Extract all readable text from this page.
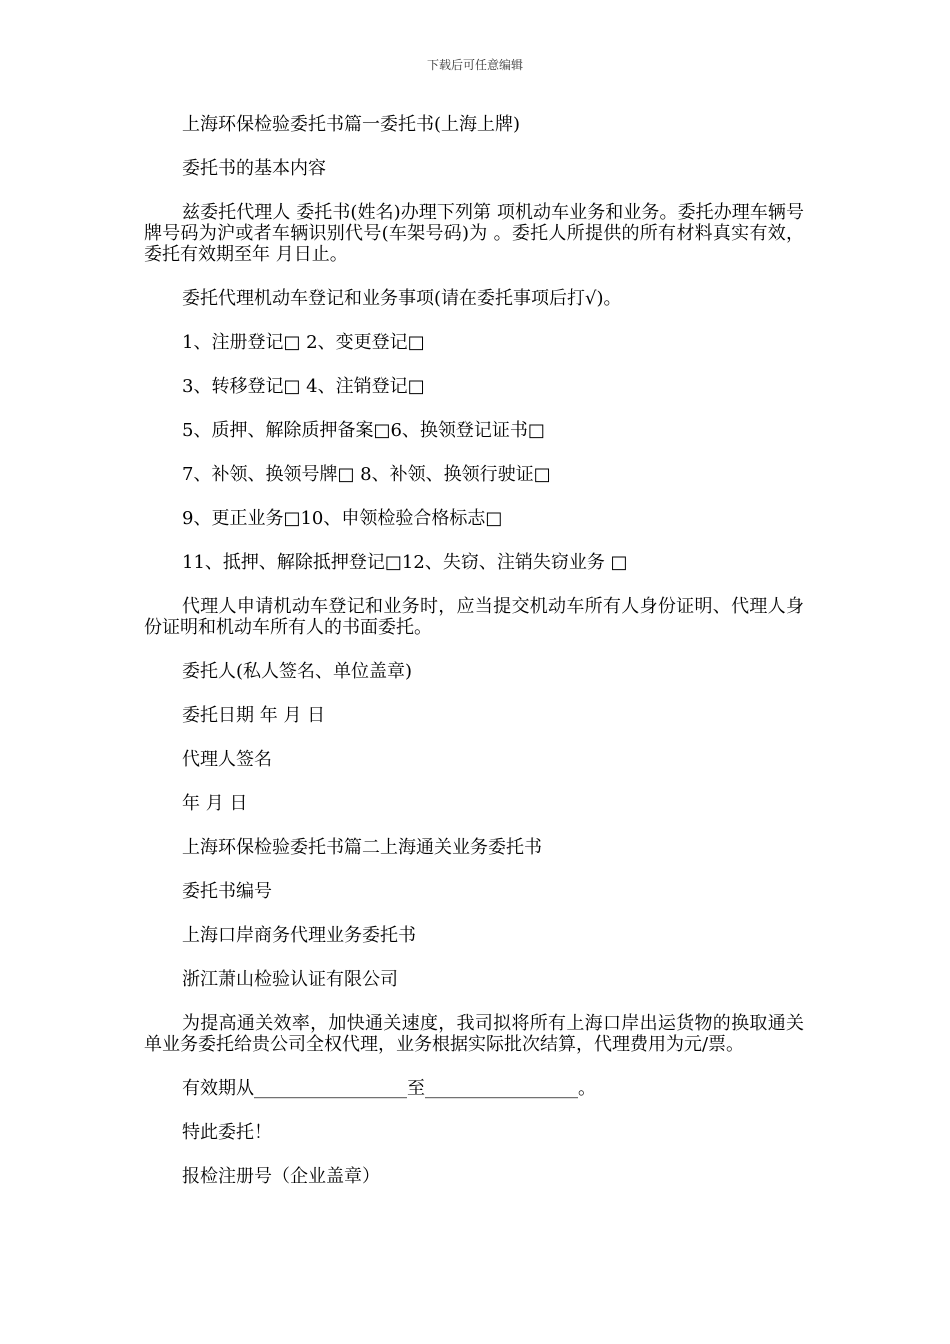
下载后可任意编辑

上海环保检验委托书篇一委托书(上海上牌)

委托书的基本内容

兹委托代理人 委托书(姓名)办理下列第 项机动车业务和业务。委托办理车辆号牌号码为沪或者车辆识别代号(车架号码)为 。委托人所提供的所有材料真实有效，委托有效期至年 月日止。

委托代理机动车登记和业务事项(请在委托事项后打√)。

1、注册登记□ 2、变更登记□

3、转移登记□ 4、注销登记□

5、质押、解除质押备案□6、换领登记证书□

7、补领、换领号牌□ 8、补领、换领行驶证□

9、更正业务□10、申领检验合格标志□

11、抵押、解除抵押登记□12、失窃、注销失窃业务 □

代理人申请机动车登记和业务时，应当提交机动车所有人身份证明、代理人身份证明和机动车所有人的书面委托。

委托人(私人签名、单位盖章)

委托日期 年 月 日

代理人签名

年 月 日

上海环保检验委托书篇二上海通关业务委托书

委托书编号

上海口岸商务代理业务委托书

浙江萧山检验认证有限公司

为提高通关效率，加快通关速度，我司拟将所有上海口岸出运货物的换取通关单业务委托给贵公司全权代理，业务根据实际批次结算，代理费用为元/票。

有效期从_________________至_________________。

特此委托！

报检注册号（企业盖章）
